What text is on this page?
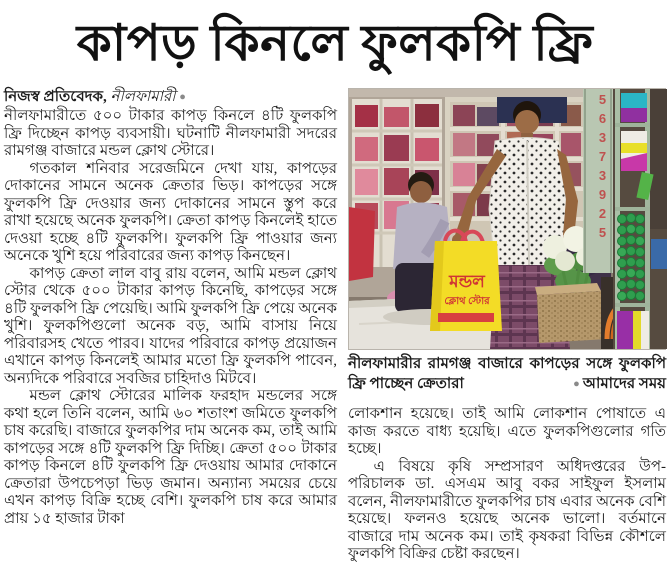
কাপড় কিনলে ফুলকপি ফ্রি

নিজস্ব প্রতিবেদক, নীলফামারী ●

নীলফামারীতে ৫০০ টাকার কাপড় কিনলে ৪টি ফুলকপি ফ্রি দিচ্ছেন কাপড় ব্যবসায়ী। ঘটনাটি নীলফামারী সদরের রামগঞ্জ বাজারে মন্ডল ক্লোথ স্টোরে।

গতকাল শনিবার সরেজমিনে দেখা যায়, কাপড়ের দোকানের সামনে অনেক ক্রেতার ভিড়। কাপড়ের সঙ্গে ফুলকপি ফ্রি দেওয়ার জন্য দোকানের সামনে স্তুপ করে রাখা হয়েছে অনেক ফুলকপি। ক্রেতা কাপড় কিনলেই হাতে দেওয়া হচ্ছে ৪টি ফুলকপি। ফুলকপি ফ্রি পাওয়ার জন্য অনেকে খুশি হয়ে পরিবারের জন্য কাপড় কিনছেন।

কাপড় ক্রেতা লাল বাবু রায় বলেন, আমি মন্ডল ক্লোথ স্টোর থেকে ৫০০ টাকার কাপড় কিনেছি, কাপড়ের সঙ্গে ৪টি ফুলকপি ফ্রি পেয়েছি। আমি ফুলকপি ফ্রি পেয়ে অনেক খুশি। ফুলকপিগুলো অনেক বড়, আমি বাসায় নিয়ে পরিবারসহ খেতে পারব। যাদের পরিবারে কাপড় প্রয়োজন এখানে কাপড় কিনলেই আমার মতো ফ্রি ফুলকপি পাবেন, অন্যদিকে পরিবারে সবজির চাহিদাও মিটবে।

মন্ডল ক্লোথ স্টোরের মালিক ফরহাদ মন্ডলের সঙ্গে কথা হলে তিনি বলেন, আমি ৬০ শতাংশ জমিতে ফুলকপি চাষ করেছি। বাজারে ফুলকপির দাম অনেক কম, তাই আমি কাপড়ের সঙ্গে ৪টি ফুলকপি ফ্রি দিচ্ছি। ক্রেতা ৫০০ টাকার কাপড় কিনলে ৪টি ফুলকপি ফ্রি দেওয়ায় আমার দোকানে ক্রেতারা উপচেপড়া ভিড় জমান। অন্যান্য সময়ের চেয়ে এখন কাপড় বিক্রি হচ্ছে বেশি। ফুলকপি চাষ করে আমার প্রায় ১৫ হাজার টাকা

মন্ডল
ক্লোথ স্টোর
56373925
নীলফামারীর রামগঞ্জ বাজারে কাপড়ের সঙ্গে ফুলকপি ফ্রি পাচ্ছেন ক্রেতারা	● আমাদের সময়

লোকশান হয়েছে। তাই আমি লোকশান পোষাতে এ কাজ করতে বাধ্য হয়েছি। এতে ফুলকপিগুলোর গতি হচ্ছে।

এ বিষয়ে কৃষি সম্প্রসারণ অধিদপ্তরের উপ-পরিচালক ডা. এসএম আবু বকর সাইফুল ইসলাম বলেন, নীলফামারীতে ফুলকপির চাষ এবার অনেক বেশি হয়েছে। ফলনও হয়েছে অনেক ভালো। বর্তমানে বাজারে দাম অনেক কম। তাই কৃষকরা বিভিন্ন কৌশলে ফুলকপি বিক্রির চেষ্টা করছেন।
